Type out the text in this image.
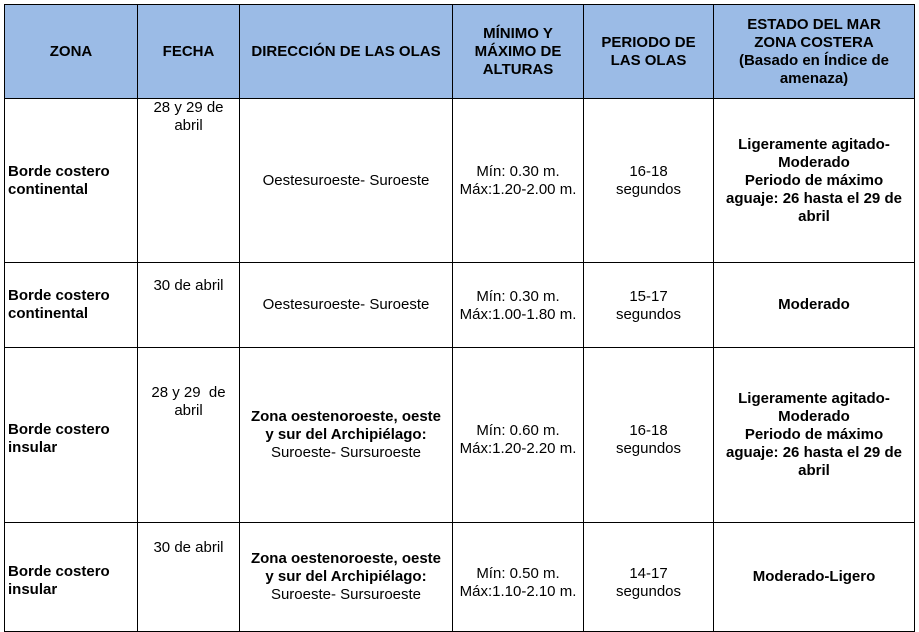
ZONA	FECHA	DIRECCIÓN DE LAS OLAS	MÍNIMO Y
MÁXIMO DE
ALTURAS	PERIODO DE
LAS OLAS	ESTADO DEL MAR
ZONA COSTERA
(Basado en Índice de
amenaza)

Borde costero
continental	28 y 29 de
abril	Oestesuroeste- Suroeste	Mín: 0.30 m.
Máx:1.20-2.00 m.	16-18
segundos	Ligeramente agitado-
Moderado
Periodo de máximo
aguaje: 26 hasta el 29 de
abril

Borde costero
continental	30 de abril	Oestesuroeste- Suroeste	Mín: 0.30 m.
Máx:1.00-1.80 m.	15-17
segundos	Moderado

Borde costero
insular	28 y 29  de
abril	Zona oestenoroeste, oeste
y sur del Archipiélago:
Suroeste- Sursuroeste	Mín: 0.60 m.
Máx:1.20-2.20 m.	16-18
segundos	Ligeramente agitado-
Moderado
Periodo de máximo
aguaje: 26 hasta el 29 de
abril

Borde costero
insular	30 de abril	Zona oestenoroeste, oeste
y sur del Archipiélago:
Suroeste- Sursuroeste	Mín: 0.50 m.
Máx:1.10-2.10 m.	14-17
segundos	Moderado-Ligero
